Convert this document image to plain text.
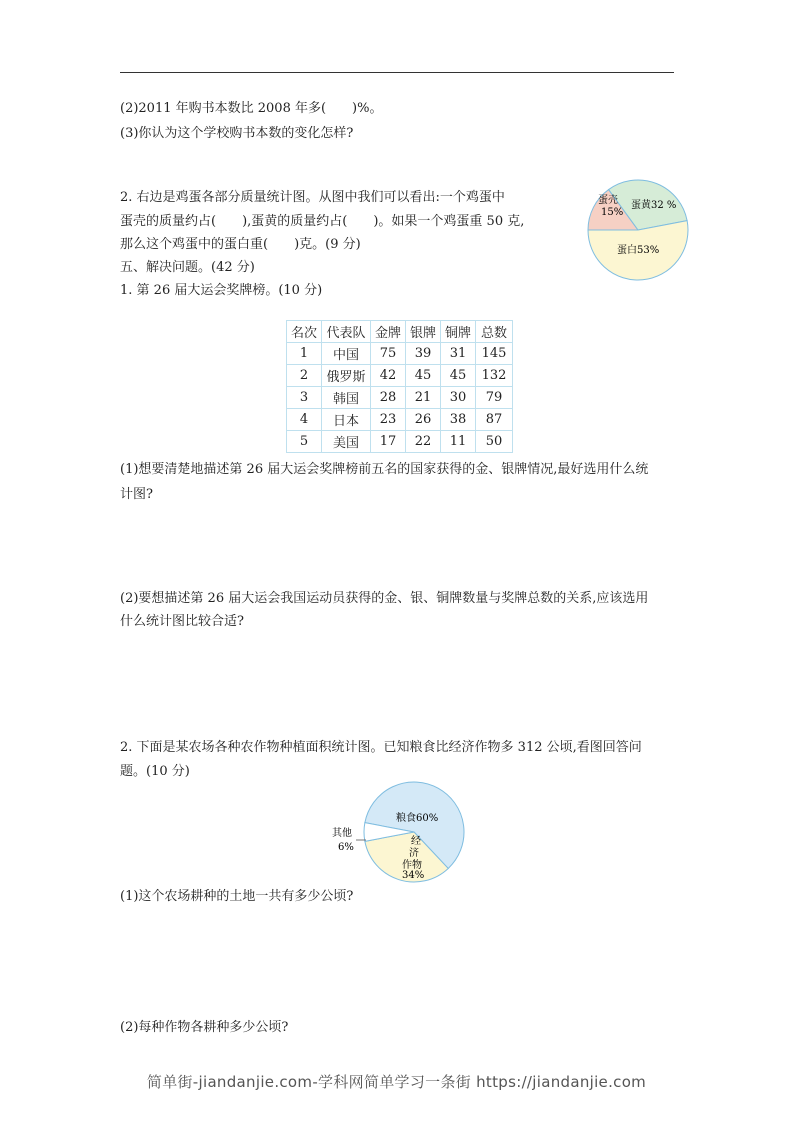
(2)2011 年购书本数比 2008 年多(　　)%。
(3)你认为这个学校购书本数的变化怎样?
2. 右边是鸡蛋各部分质量统计图。从图中我们可以看出:一个鸡蛋中
蛋壳的质量约占(　　),蛋黄的质量约占(　　)。如果一个鸡蛋重 50 克,
那么这个鸡蛋中的蛋白重(　　)克。(9 分)
蛋壳
15%
蛋黄32 %
蛋白53%
五、解决问题。(42 分)
1. 第 26 届大运会奖牌榜。(10 分)
名次	代表队	金牌	银牌	铜牌	总数
1	中国	75	39	31	145
2	俄罗斯	42	45	45	132
3	韩国	28	21	30	79
4	日本	23	26	38	87
5	美国	17	22	11	50
(1)想要清楚地描述第 26 届大运会奖牌榜前五名的国家获得的金、银牌情况,最好选用什么统
计图?
(2)要想描述第 26 届大运会我国运动员获得的金、银、铜牌数量与奖牌总数的关系,应该选用
什么统计图比较合适?
2. 下面是某农场各种农作物种植面积统计图。已知粮食比经济作物多 312 公顷,看图回答问
题。(10 分)
粮食60%
经
济
作物
34%
其他
6%
(1)这个农场耕种的土地一共有多少公顷?
(2)每种作物各耕种多少公顷?
简单街-jiandanjie.com-学科网简单学习一条街 https://jiandanjie.com
